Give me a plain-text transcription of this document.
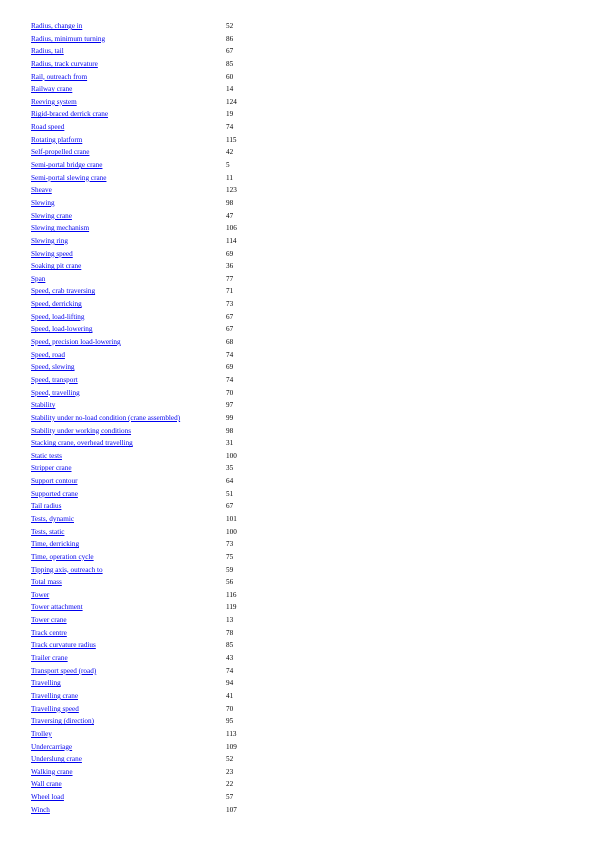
Radius, change in	52
Radius, minimum turning	86
Radius, tail	67
Radius, track curvature	85
Rail, outreach from	60
Railway crane	14
Reeving system	124
Rigid-braced derrick crane	19
Road speed	74
Rotating platform	115
Self-propelled crane	42
Semi-portal bridge crane	5
Semi-portal slewing crane	11
Sheave	123
Slewing	98
Slewing crane	47
Slewing mechanism	106
Slewing ring	114
Slewing speed	69
Soaking pit crane	36
Span	77
Speed, crab traversing	71
Speed, derricking	73
Speed, load-lifting	67
Speed, load-lowering	67
Speed, precision load-lowering	68
Speed, road	74
Speed, slewing	69
Speed, transport	74
Speed, travelling	70
Stability	97
Stability under no-load condition (crane assembled)	99
Stability under working conditions	98
Stacking crane, overhead travelling	31
Static tests	100
Stripper crane	35
Support contour	64
Supported crane	51
Tail radius	67
Tests, dynamic	101
Tests, static	100
Time, derricking	73
Time, operation cycle	75
Tipping axis, outreach to	59
Total mass	56
Tower	116
Tower attachment	119
Tower crane	13
Track centre	78
Track curvature radius	85
Trailer crane	43
Transport speed (road)	74
Travelling	94
Travelling crane	41
Travelling speed	70
Traversing (direction)	95
Trolley	113
Undercarriage	109
Underslung crane	52
Walking crane	23
Wall crane	22
Wheel load	57
Winch	107
